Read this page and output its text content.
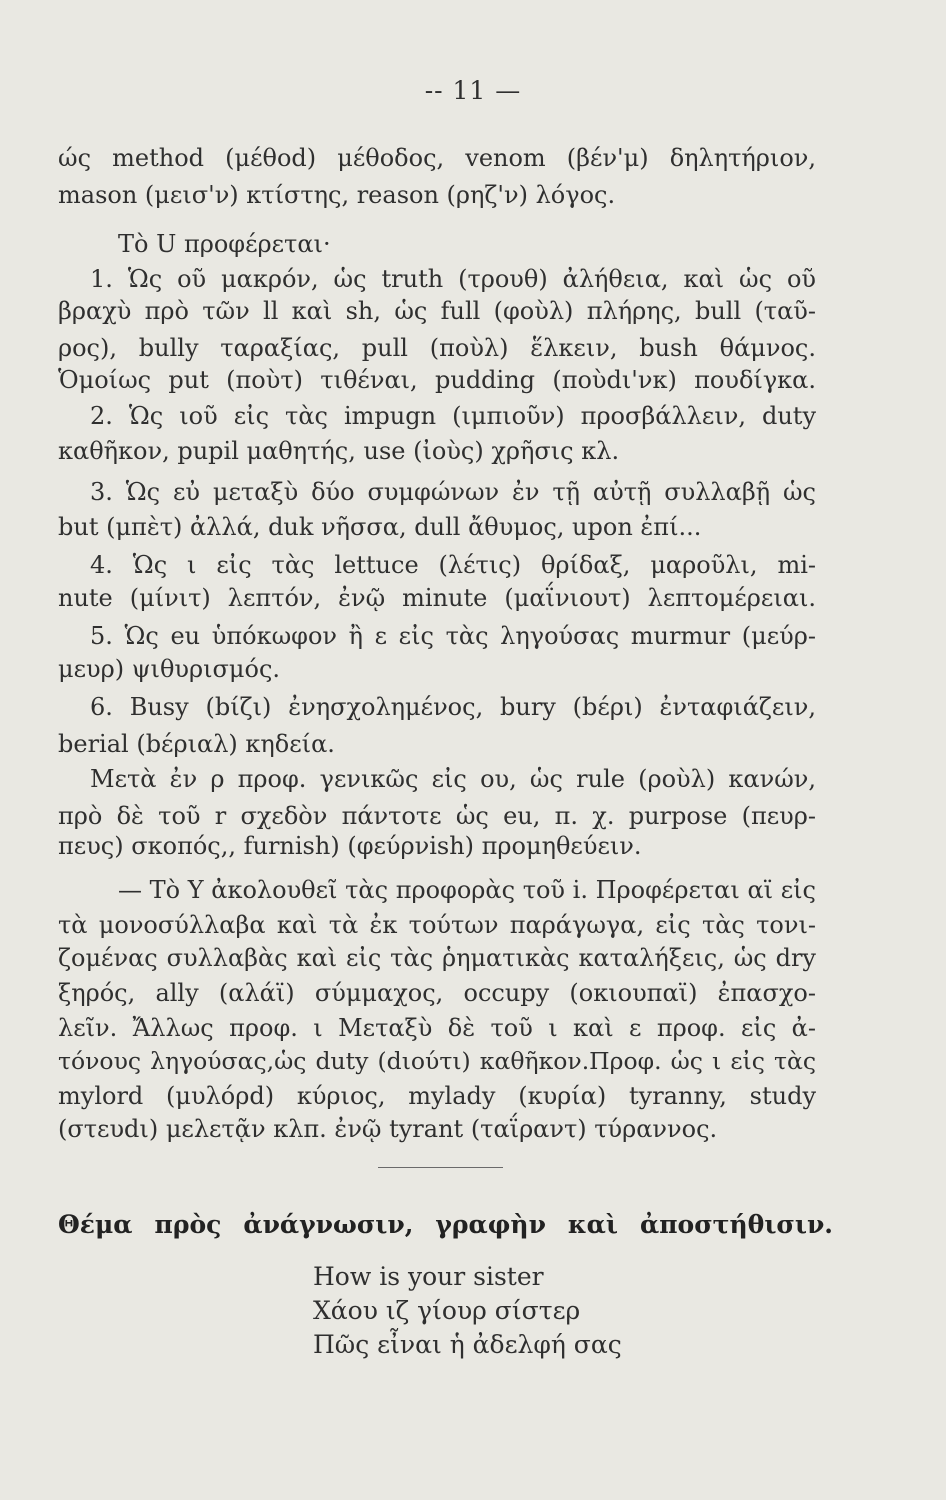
-- 11 —
ώς method (μέθοd) μέθοδος, venom (βέν'μ) δηλητήριον,
mason (μεισ'ν) κτίστης, reason (ρηζ'ν) λόγος.
Τὸ U προφέρεται·
1. Ὡς οῦ μακρόν, ὡς truth (τρουθ) ἀλήθεια, καὶ ὡς οῦ
βραχὺ πρὸ τῶν ll καὶ sh, ὡς full (φοὺλ) πλήρης, bull (ταῦ-
ρος), bully ταραξίας, pull (ποὺλ) ἕλκειν, bush θάμνος.
Ὁμοίως put (ποὺτ) τιθέναι, pudding (ποὺdι'νκ) πουδίγκα.
2. Ὡς ιοῦ εἰς τὰς impugn (ιμπιοῦν) προσβάλλειν, duty
καθῆκον, pupil μαθητής, use (ἰοὺς) χρῆσις κλ.
3. Ὡς εὐ μεταξὺ δύο συμφώνων ἐν τῇ αὐτῇ συλλαβῇ ὡς
but (μπὲτ) ἀλλά, duk νῆσσα, dull ἄθυμος, upon ἐπί...
4. Ὡς ι εἰς τὰς lettuce (λέτις) θρίδαξ, μαροῦλι, mi-
nute (μίνιτ) λεπτόν, ἐνῷ minute (μαΐνιουτ) λεπτομέρειαι.
5. Ὡς eu ὑπόκωφον ἢ ε εἰς τὰς ληγούσας murmur (μεύρ-
μευρ) ψιθυρισμός.
6. Busy (bίζι) ἐνησχολημένος, bury (bέρι) ἐνταφιάζειν,
berial (bέριαλ) κηδεία.
Μετὰ ἐν ρ προφ. γενικῶς εἰς ου, ὡς rule (ροὺλ) κανών,
πρὸ δὲ τοῦ r σχεδὸν πάντοτε ὡς eu, π. χ. purpose (πευρ-
πευς) σκοπός,, furnish) (φεύρνish) προμηθεύειν.
— Τὸ Υ ἀκολουθεῖ τὰς προφορὰς τοῦ i. Προφέρεται αϊ εἰς
τὰ μονοσύλλαβα καὶ τὰ ἐκ τούτων παράγωγα, εἰς τὰς τονι-
ζομένας συλλαβὰς καὶ εἰς τὰς ῥηματικὰς καταλήξεις, ὡς dry
ξηρός, ally (αλάϊ) σύμμαχος, occupy (οκιουπαϊ) ἐπασχο-
λεῖν. Ἄλλως προφ. ι Μεταξὺ δὲ τοῦ ι καὶ ε προφ. εἰς ἀ-
τόνους ληγούσας,ὡς duty (dιούτι) καθῆκον.Προφ. ὡς ι εἰς τὰς
mylord (μυλόρd) κύριος, mylady (κυρία) tyranny, study
(στευdι) μελετᾷν κλπ. ἐνῷ tyrant (ταΐραντ) τύραννος.
Θέμα πρὸς ἀνάγνωσιν, γραφὴν καὶ ἀποστήθισιν.
How is your sister
Χάου ιζ γίουρ σίστερ
Πῶς εἶναι ἡ ἀδελφή σας
